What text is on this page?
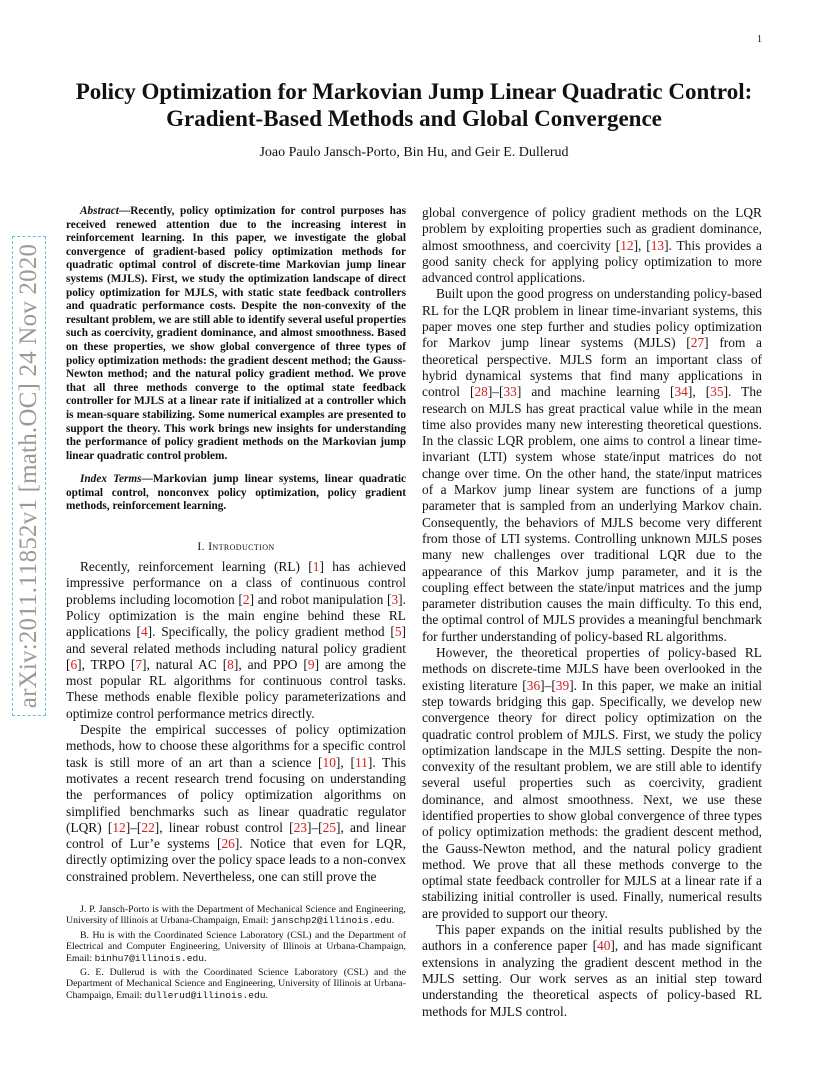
1
arXiv:2011.11852v1 [math.OC] 24 Nov 2020
Policy Optimization for Markovian Jump Linear Quadratic Control:
Gradient-Based Methods and Global Convergence
Joao Paulo Jansch-Porto, Bin Hu, and Geir E. Dullerud

Abstract—Recently, policy optimization for control purposes has received renewed attention due to the increasing interest in reinforcement learning. In this paper, we investigate the global convergence of gradient-based policy optimization methods for quadratic optimal control of discrete-time Markovian jump linear systems (MJLS). First, we study the optimization landscape of direct policy optimization for MJLS, with static state feedback controllers and quadratic performance costs. Despite the non-convexity of the resultant problem, we are still able to identify several useful properties such as coercivity, gradient dominance, and almost smoothness. Based on these properties, we show global convergence of three types of policy optimization methods: the gradient descent method; the Gauss-Newton method; and the natural policy gradient method. We prove that all three methods converge to the optimal state feedback controller for MJLS at a linear rate if initialized at a controller which is mean-square stabilizing. Some numerical examples are presented to support the theory. This work brings new insights for understanding the performance of policy gradient methods on the Markovian jump linear quadratic control problem.

Index Terms—Markovian jump linear systems, linear quadratic optimal control, nonconvex policy optimization, policy gradient methods, reinforcement learning.

I. Introduction

Recently, reinforcement learning (RL) [1] has achieved impressive performance on a class of continuous control problems including locomotion [2] and robot manipulation [3]. Policy optimization is the main engine behind these RL applications [4]. Specifically, the policy gradient method [5] and several related methods including natural policy gradient [6], TRPO [7], natural AC [8], and PPO [9] are among the most popular RL algorithms for continuous control tasks. These methods enable flexible policy parameterizations and optimize control performance metrics directly.

Despite the empirical successes of policy optimization methods, how to choose these algorithms for a specific control task is still more of an art than a science [10], [11]. This motivates a recent research trend focusing on understanding the performances of policy optimization algorithms on simplified benchmarks such as linear quadratic regulator (LQR) [12]–[22], linear robust control [23]–[25], and linear control of Lur’e systems [26]. Notice that even for LQR, directly optimizing over the policy space leads to a non-convex constrained problem. Nevertheless, one can still prove the

J. P. Jansch-Porto is with the Department of Mechanical Science and Engineering, University of Illinois at Urbana-Champaign, Email: janschp2@illinois.edu.

B. Hu is with the Coordinated Science Laboratory (CSL) and the Department of Electrical and Computer Engineering, University of Illinois at Urbana-Champaign, Email: binhu7@illinois.edu.

G. E. Dullerud is with the Coordinated Science Laboratory (CSL) and the Department of Mechanical Science and Engineering, University of Illinois at Urbana-Champaign, Email: dullerud@illinois.edu.

global convergence of policy gradient methods on the LQR problem by exploiting properties such as gradient dominance, almost smoothness, and coercivity [12], [13]. This provides a good sanity check for applying policy optimization to more advanced control applications.

Built upon the good progress on understanding policy-based RL for the LQR problem in linear time-invariant systems, this paper moves one step further and studies policy optimization for Markov jump linear systems (MJLS) [27] from a theoretical perspective. MJLS form an important class of hybrid dynamical systems that find many applications in control [28]–[33] and machine learning [34], [35]. The research on MJLS has great practical value while in the mean time also provides many new interesting theoretical questions. In the classic LQR problem, one aims to control a linear time-invariant (LTI) system whose state/input matrices do not change over time. On the other hand, the state/input matrices of a Markov jump linear system are functions of a jump parameter that is sampled from an underlying Markov chain. Consequently, the behaviors of MJLS become very different from those of LTI systems. Controlling unknown MJLS poses many new challenges over traditional LQR due to the appearance of this Markov jump parameter, and it is the coupling effect between the state/input matrices and the jump parameter distribution causes the main difficulty. To this end, the optimal control of MJLS provides a meaningful benchmark for further understanding of policy-based RL algorithms.

However, the theoretical properties of policy-based RL methods on discrete-time MJLS have been overlooked in the existing literature [36]–[39]. In this paper, we make an initial step towards bridging this gap. Specifically, we develop new convergence theory for direct policy optimization on the quadratic control problem of MJLS. First, we study the policy optimization landscape in the MJLS setting. Despite the non-convexity of the resultant problem, we are still able to identify several useful properties such as coercivity, gradient dominance, and almost smoothness. Next, we use these identified properties to show global convergence of three types of policy optimization methods: the gradient descent method, the Gauss-Newton method, and the natural policy gradient method. We prove that all these methods converge to the optimal state feedback controller for MJLS at a linear rate if a stabilizing initial controller is used. Finally, numerical results are provided to support our theory.

This paper expands on the initial results published by the authors in a conference paper [40], and has made significant extensions in analyzing the gradient descent method in the MJLS setting. Our work serves as an initial step toward understanding the theoretical aspects of policy-based RL methods for MJLS control.
